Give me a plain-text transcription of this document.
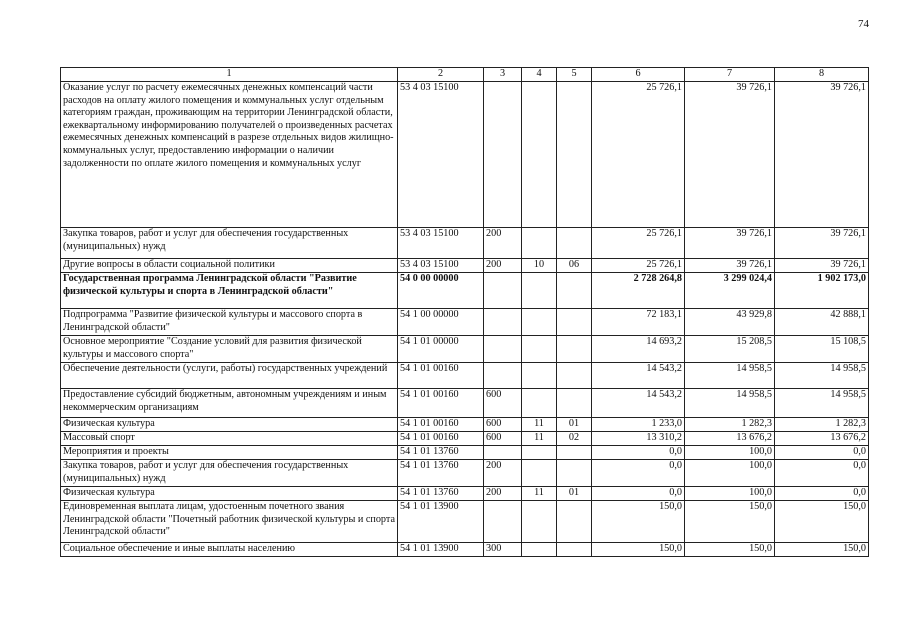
74
1	2	3	4	5	6	7	8
Оказание услуг по расчету ежемесячных денежных компенсаций части расходов на оплату жилого помещения и коммунальных услуг отдельным категориям граждан, проживающим на территории Ленинградской области, ежеквартальному информированию получателей о произведенных расчетах ежемесячных денежных компенсаций в разрезе отдельных видов жилищно-коммунальных услуг, предоставлению информации о наличии задолженности по оплате жилого помещения и коммунальных услуг	53 4 03 15100				25 726,1	39 726,1	39 726,1
Закупка товаров, работ и услуг для обеспечения государственных (муниципальных) нужд	53 4 03 15100	200			25 726,1	39 726,1	39 726,1
Другие вопросы в области социальной политики	53 4 03 15100	200	10	06	25 726,1	39 726,1	39 726,1
Государственная программа Ленинградской области "Развитие физической культуры и спорта в Ленинградской области"	54 0 00 00000				2 728 264,8	3 299 024,4	1 902 173,0
Подпрограмма "Развитие физической культуры и массового спорта в Ленинградской области"	54 1 00 00000				72 183,1	43 929,8	42 888,1
Основное мероприятие "Создание условий для развития физической культуры и массового спорта"	54 1 01 00000				14 693,2	15 208,5	15 108,5
Обеспечение деятельности (услуги, работы) государственных учреждений	54 1 01 00160				14 543,2	14 958,5	14 958,5
Предоставление субсидий бюджетным, автономным учреждениям и иным некоммерческим организациям	54 1 01 00160	600			14 543,2	14 958,5	14 958,5
Физическая культура	54 1 01 00160	600	11	01	1 233,0	1 282,3	1 282,3
Массовый спорт	54 1 01 00160	600	11	02	13 310,2	13 676,2	13 676,2
Мероприятия и проекты	54 1 01 13760				0,0	100,0	0,0
Закупка товаров, работ и услуг для обеспечения государственных (муниципальных) нужд	54 1 01 13760	200			0,0	100,0	0,0
Физическая культура	54 1 01 13760	200	11	01	0,0	100,0	0,0
Единовременная выплата лицам, удостоенным почетного звания Ленинградской области "Почетный работник физической культуры и спорта Ленинградской области"	54 1 01 13900				150,0	150,0	150,0
Социальное обеспечение и иные выплаты населению	54 1 01 13900	300			150,0	150,0	150,0
